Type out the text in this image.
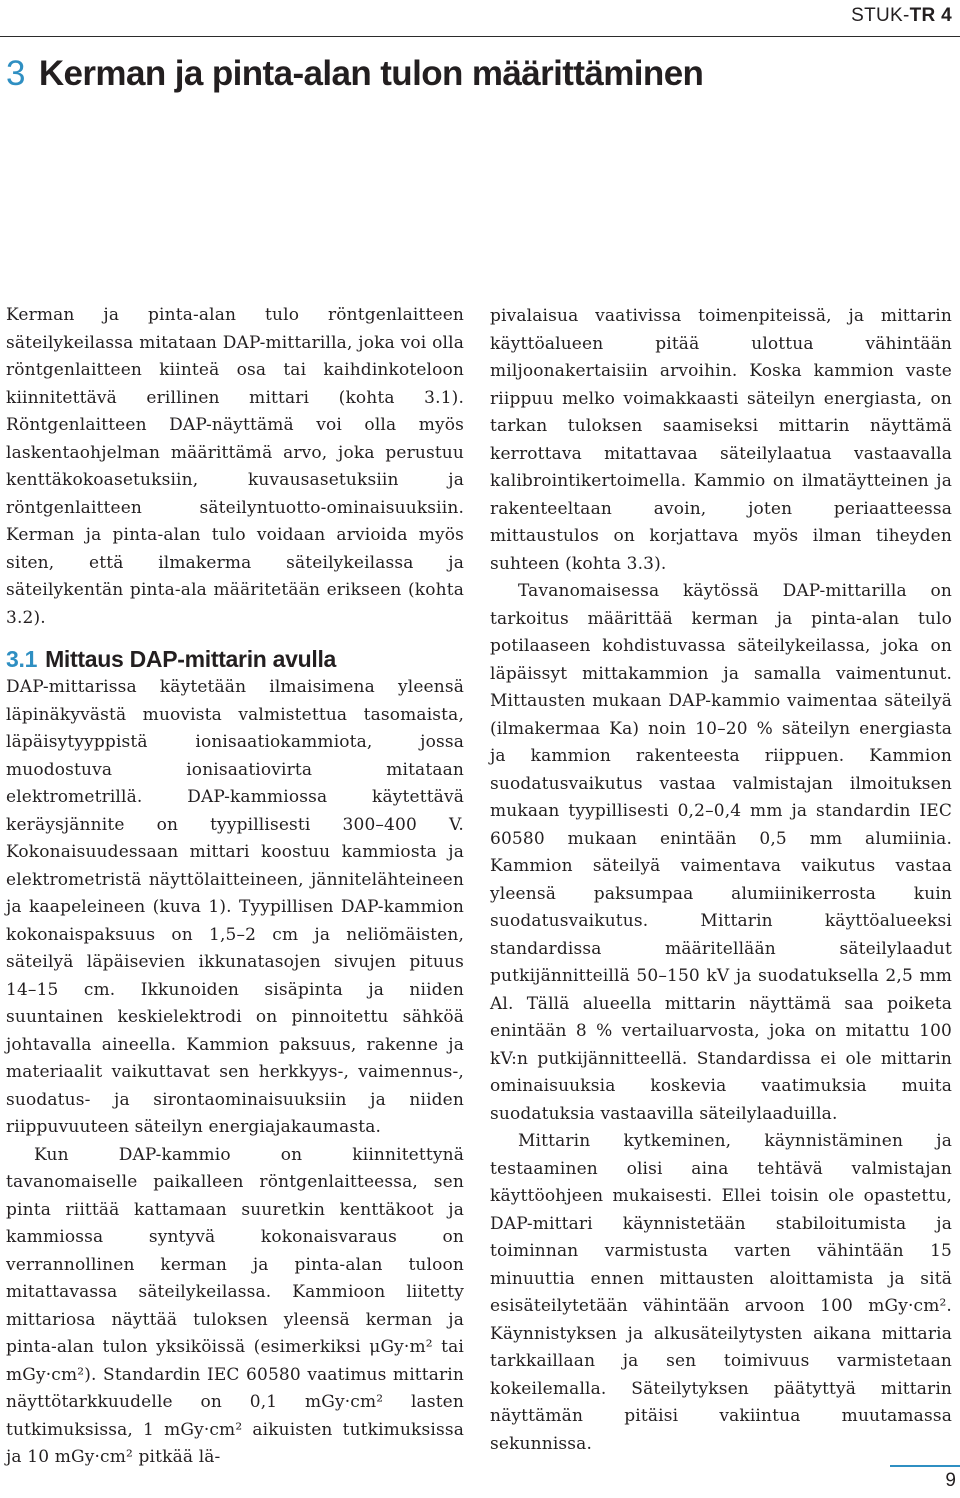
STUK-TR 4
3 Kerman ja pinta-alan tulon määrittäminen

Kerman ja pinta-alan tulo röntgenlaitteen säteilykeilassa mitataan DAP-mittarilla, joka voi olla röntgenlaitteen kiinteä osa tai kaihdinkoteloon kiinnitettävä erillinen mittari (kohta 3.1). Röntgenlaitteen DAP-näyttämä voi olla myös laskentaohjelman määrittämä arvo, joka perustuu kenttäkokoasetuksiin, kuvausasetuksiin ja röntgenlaitteen säteilyntuotto-ominaisuuksiin. Kerman ja pinta-alan tulo voidaan arvioida myös siten, että ilmakerma säteilykeilassa ja säteilykentän pinta-ala määritetään erikseen (kohta 3.2).

3.1 Mittaus DAP-mittarin avulla

DAP-mittarissa käytetään ilmaisimena yleensä läpinäkyvästä muovista valmistettua tasomaista, läpäisytyyppistä ionisaatiokammiota, jossa muodostuva ionisaatiovirta mitataan elektrometrillä. DAP-kammiossa käytettävä keräysjännite on tyypillisesti 300–400 V. Kokonaisuudessaan mittari koostuu kammiosta ja elektrometristä näyttölaitteineen, jännitelähteineen ja kaapeleineen (kuva 1). Tyypillisen DAP-kammion kokonaispaksuus on 1,5–2 cm ja neliömäisten, säteilyä läpäisevien ikkunatasojen sivujen pituus 14–15 cm. Ikkunoiden sisäpinta ja niiden suuntainen keskielektrodi on pinnoitettu sähköä johtavalla aineella. Kammion paksuus, rakenne ja materiaalit vaikuttavat sen herkkyys-, vaimennus-, suodatus- ja sirontaominaisuuksiin ja niiden riippuvuuteen säteilyn energiajakaumasta.

Kun DAP-kammio on kiinnitettynä tavanomaiselle paikalleen röntgenlaitteessa, sen pinta riittää kattamaan suuretkin kenttäkoot ja kammiossa syntyvä kokonaisvaraus on verrannollinen kerman ja pinta-alan tuloon mitattavassa säteilykeilassa. Kammioon liitetty mittariosa näyttää tuloksen yleensä kerman ja pinta-alan tulon yksiköissä (esimerkiksi μGy·m² tai mGy·cm²). Standardin IEC 60580 vaatimus mittarin näyttötarkkuudelle on 0,1 mGy·cm² lasten tutkimuksissa, 1 mGy·cm² aikuisten tutkimuksissa ja 10 mGy·cm² pitkää lä-

pivalaisua vaativissa toimenpiteissä, ja mittarin käyttöalueen pitää ulottua vähintään miljoonakertaisiin arvoihin. Koska kammion vaste riippuu melko voimakkaasti säteilyn energiasta, on tarkan tuloksen saamiseksi mittarin näyttämä kerrottava mitattavaa säteilylaatua vastaavalla kalibrointikertoimella. Kammio on ilmatäytteinen ja rakenteeltaan avoin, joten periaatteessa mittaustulos on korjattava myös ilman tiheyden suhteen (kohta 3.3).

Tavanomaisessa käytössä DAP-mittarilla on tarkoitus määrittää kerman ja pinta-alan tulo potilaaseen kohdistuvassa säteilykeilassa, joka on läpäissyt mittakammion ja samalla vaimentunut. Mittausten mukaan DAP-kammio vaimentaa säteilyä (ilmakermaa Ka) noin 10–20 % säteilyn energiasta ja kammion rakenteesta riippuen. Kammion suodatusvaikutus vastaa valmistajan ilmoituksen mukaan tyypillisesti 0,2–0,4 mm ja standardin IEC 60580 mukaan enintään 0,5 mm alumiinia. Kammion säteilyä vaimentava vaikutus vastaa yleensä paksumpaa alumiinikerrosta kuin suodatusvaikutus. Mittarin käyttöalueeksi standardissa määritellään säteilylaadut putkijännitteillä 50–150 kV ja suodatuksella 2,5 mm Al. Tällä alueella mittarin näyttämä saa poiketa enintään 8 % vertailuarvosta, joka on mitattu 100 kV:n putkijännitteellä. Standardissa ei ole mittarin ominaisuuksia koskevia vaatimuksia muita suodatuksia vastaavilla säteilylaaduilla.

Mittarin kytkeminen, käynnistäminen ja testaaminen olisi aina tehtävä valmistajan käyttöohjeen mukaisesti. Ellei toisin ole opastettu, DAP-mittari käynnistetään stabiloitumista ja toiminnan varmistusta varten vähintään 15 minuuttia ennen mittausten aloittamista ja sitä esisäteilytetään vähintään arvoon 100 mGy·cm². Käynnistyksen ja alkusäteilytysten aikana mittaria tarkkaillaan ja sen toimivuus varmistetaan kokeilemalla. Säteilytyksen päätyttyä mittarin näyttämän pitäisi vakiintua muutamassa sekunnissa.

9
